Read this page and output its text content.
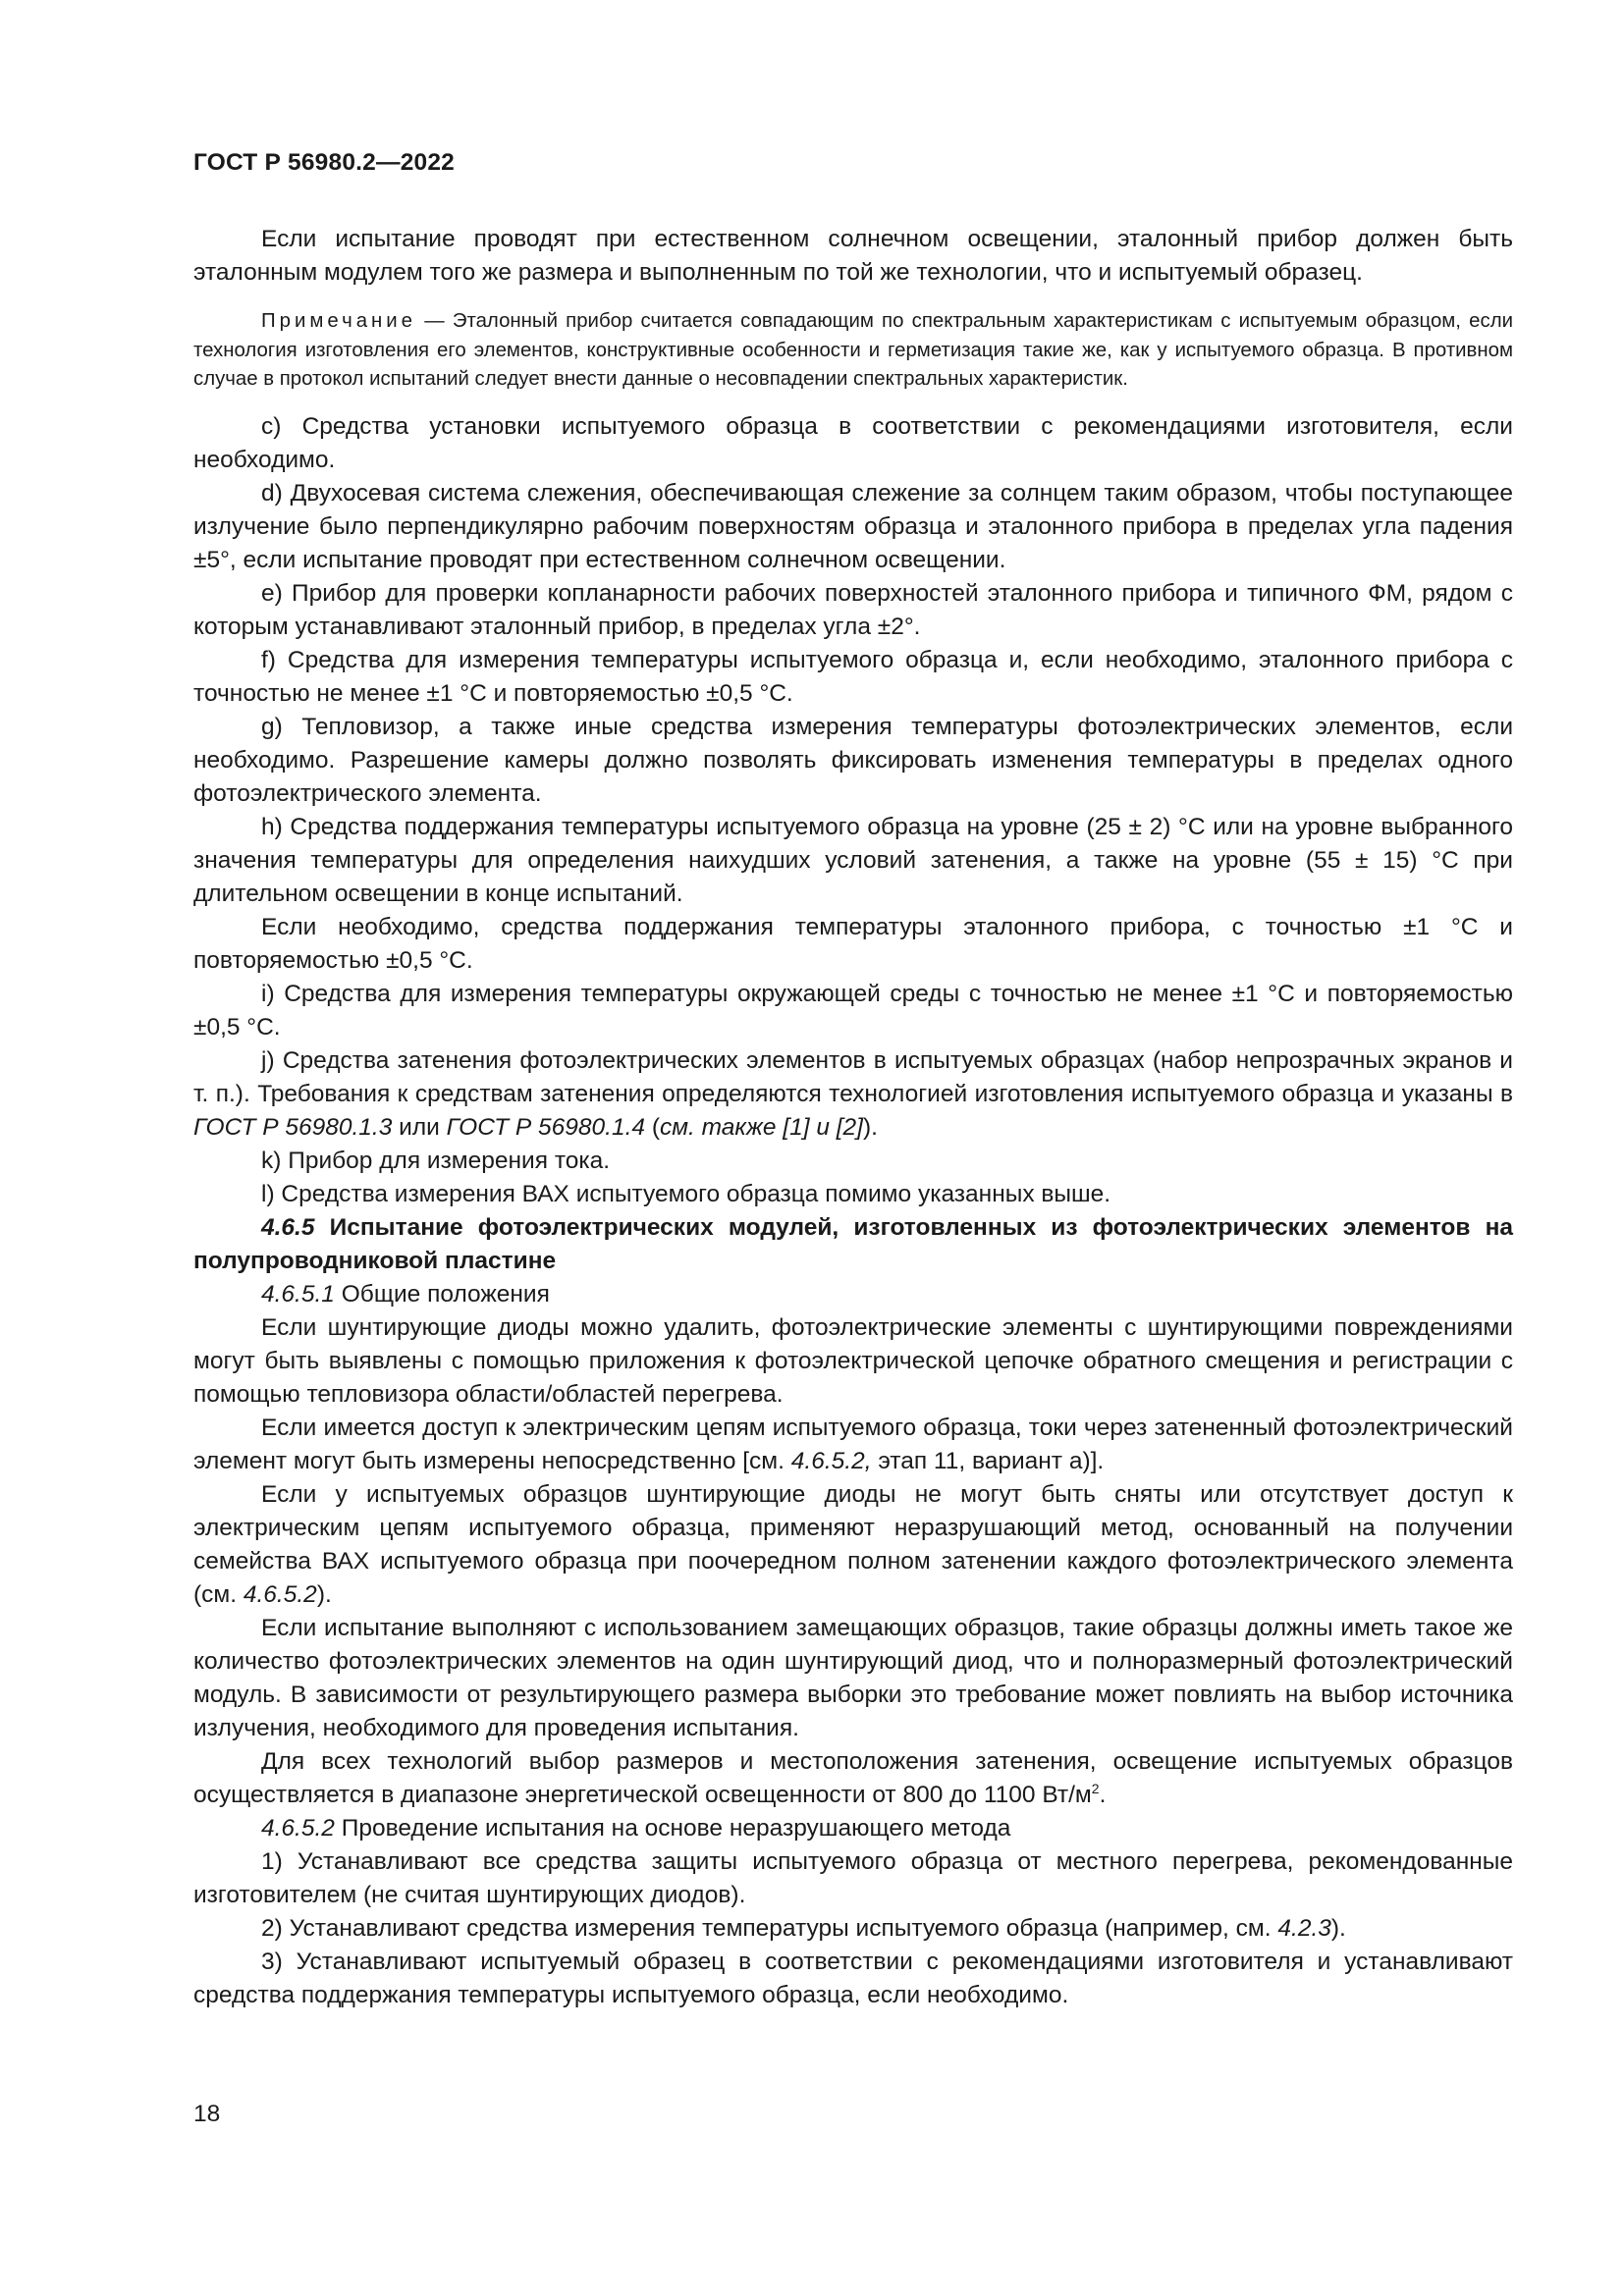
ГОСТ Р 56980.2—2022

Если испытание проводят при естественном солнечном освещении, эталонный прибор должен быть эталонным модулем того же размера и выполненным по той же технологии, что и испытуемый образец.

Примечание — Эталонный прибор считается совпадающим по спектральным характеристикам с испытуемым образцом, если технология изготовления его элементов, конструктивные особенности и герметизация такие же, как у испытуемого образца. В противном случае в протокол испытаний следует внести данные о несовпадении спектральных характеристик.

c) Средства установки испытуемого образца в соответствии с рекомендациями изготовителя, если необходимо.

d) Двухосевая система слежения, обеспечивающая слежение за солнцем таким образом, чтобы поступающее излучение было перпендикулярно рабочим поверхностям образца и эталонного прибора в пределах угла падения ±5°, если испытание проводят при естественном солнечном освещении.

е) Прибор для проверки копланарности рабочих поверхностей эталонного прибора и типичного ФМ, рядом с которым устанавливают эталонный прибор, в пределах угла ±2°.

f) Средства для измерения температуры испытуемого образца и, если необходимо, эталонного прибора с точностью не менее ±1 °С и повторяемостью ±0,5 °С.

g) Тепловизор, а также иные средства измерения температуры фотоэлектрических элементов, если необходимо. Разрешение камеры должно позволять фиксировать изменения температуры в пределах одного фотоэлектрического элемента.

h) Средства поддержания температуры испытуемого образца на уровне (25 ± 2) °С или на уровне выбранного значения температуры для определения наихудших условий затенения, а также на уровне (55 ± 15) °С при длительном освещении в конце испытаний.

Если необходимо, средства поддержания температуры эталонного прибора, с точностью ±1 °С и повторяемостью ±0,5 °С.

i) Средства для измерения температуры окружающей среды с точностью не менее ±1 °С и повторяемостью ±0,5 °С.

j) Средства затенения фотоэлектрических элементов в испытуемых образцах (набор непрозрачных экранов и т. п.). Требования к средствам затенения определяются технологией изготовления испытуемого образца и указаны в ГОСТ Р 56980.1.3 или ГОСТ Р 56980.1.4 (см. также [1] и [2]).

k) Прибор для измерения тока.

l) Средства измерения ВАХ испытуемого образца помимо указанных выше.

4.6.5 Испытание фотоэлектрических модулей, изготовленных из фотоэлектрических элементов на полупроводниковой пластине

4.6.5.1 Общие положения

Если шунтирующие диоды можно удалить, фотоэлектрические элементы с шунтирующими повреждениями могут быть выявлены с помощью приложения к фотоэлектрической цепочке обратного смещения и регистрации с помощью тепловизора области/областей перегрева.

Если имеется доступ к электрическим цепям испытуемого образца, токи через затененный фотоэлектрический элемент могут быть измерены непосредственно [см. 4.6.5.2, этап 11, вариант а)].

Если у испытуемых образцов шунтирующие диоды не могут быть сняты или отсутствует доступ к электрическим цепям испытуемого образца, применяют неразрушающий метод, основанный на получении семейства ВАХ испытуемого образца при поочередном полном затенении каждого фотоэлектрического элемента (см. 4.6.5.2).

Если испытание выполняют с использованием замещающих образцов, такие образцы должны иметь такое же количество фотоэлектрических элементов на один шунтирующий диод, что и полноразмерный фотоэлектрический модуль. В зависимости от результирующего размера выборки это требование может повлиять на выбор источника излучения, необходимого для проведения испытания.

Для всех технологий выбор размеров и местоположения затенения, освещение испытуемых образцов осуществляется в диапазоне энергетической освещенности от 800 до 1100 $Вт/м^2$.

4.6.5.2 Проведение испытания на основе неразрушающего метода

1) Устанавливают все средства защиты испытуемого образца от местного перегрева, рекомендованные изготовителем (не считая шунтирующих диодов).

2) Устанавливают средства измерения температуры испытуемого образца (например, см. 4.2.3).

3) Устанавливают испытуемый образец в соответствии с рекомендациями изготовителя и устанавливают средства поддержания температуры испытуемого образца, если необходимо.

18
